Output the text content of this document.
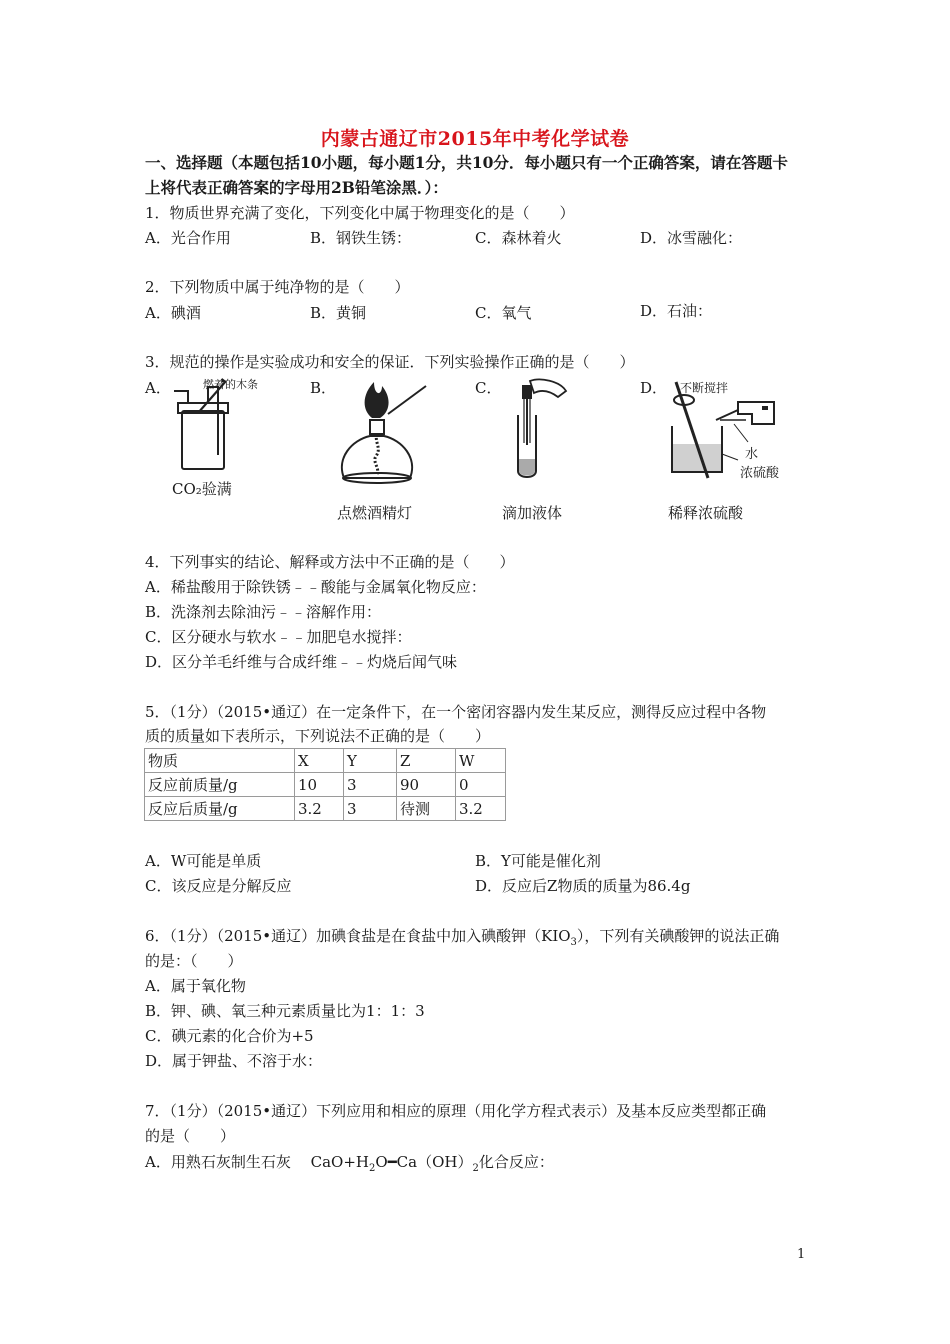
内蒙古通辽市2015年中考化学试卷
一、选择题（本题包括10小题，每小题1分，共10分．每小题只有一个正确答案，请在答题卡
上将代表正确答案的字母用2B铅笔涂黑．）：
1．物质世界充满了变化，下列变化中属于物理变化的是（　　）
A．光合作用	B．钢铁生锈：	C．森林着火	D．冰雪融化：
2．下列物质中属于纯净物的是（　　）
A．碘酒	B．黄铜	C．氧气	D．石油：
3．规范的操作是实验成功和安全的保证．下列实验操作正确的是（　　）
A．	B．	C．	D．
燃着的木条
CO₂验满
点燃酒精灯	滴加液体
不断搅拌
水
浓硫酸
稀释浓硫酸
4．下列事实的结论、解释或方法中不正确的是（　　）
A．稀盐酸用于除铁锈﹣﹣酸能与金属氧化物反应：
B．洗涤剂去除油污﹣﹣溶解作用：
C．区分硬水与软水﹣﹣加肥皂水搅拌：
D．区分羊毛纤维与合成纤维﹣﹣灼烧后闻气味
5．（1分）（2015•通辽）在一定条件下，在一个密闭容器内发生某反应，测得反应过程中各物
质的质量如下表所示，下列说法不正确的是（　　）
物质	X	Y	Z	W
反应前质量/g	10	3	90	0
反应后质量/g	3.2	3	待测	3.2
A．W可能是单质	B．Y可能是催化剂
C．该反应是分解反应	D．反应后Z物质的质量为86.4g
6．（1分）（2015•通辽）加碘食盐是在食盐中加入碘酸钾$(KIO_3)$，下列有关碘酸钾的说法正确
的是：（　　）
A．属于氧化物
B．钾、碘、氧三种元素质量比为1：1：3
C．碘元素的化合价为+5
D．属于钾盐、不溶于水：
7．（1分）（2015•通辽）下列应用和相应的原理（用化学方程式表示）及基本反应类型都正确
的是（　　）
A．用熟石灰制生石灰　 $CaO+H_2O━Ca(OH)_2$化合反应：
1
